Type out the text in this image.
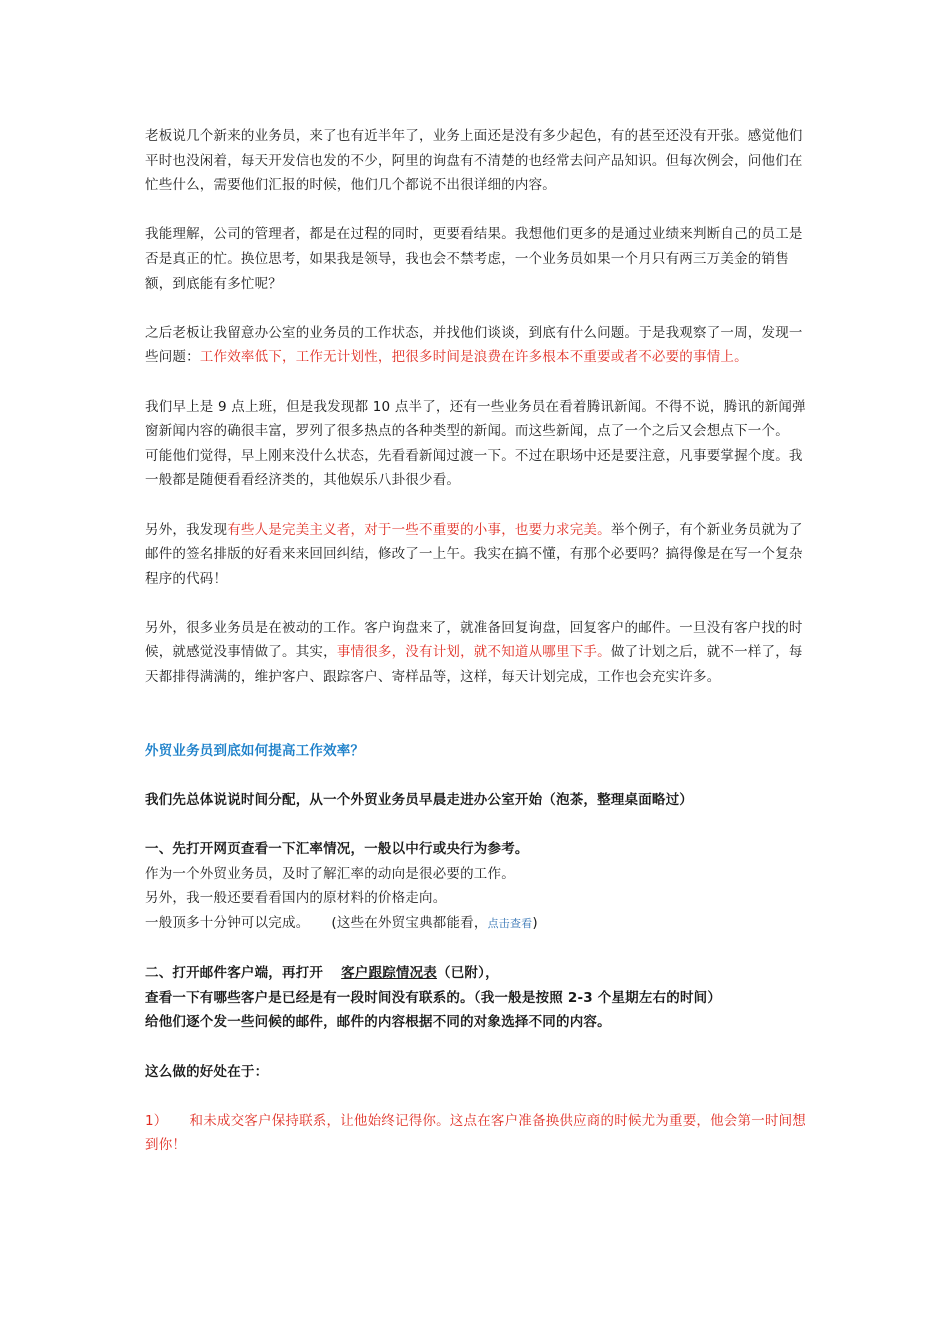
老板说几个新来的业务员，来了也有近半年了，业务上面还是没有多少起色，有的甚至还没有开张。感觉他们平时也没闲着，每天开发信也发的不少，阿里的询盘有不清楚的也经常去问产品知识。但每次例会，问他们在忙些什么，需要他们汇报的时候，他们几个都说不出很详细的内容。

我能理解，公司的管理者，都是在过程的同时，更要看结果。我想他们更多的是通过业绩来判断自己的员工是否是真正的忙。换位思考，如果我是领导，我也会不禁考虑，一个业务员如果一个月只有两三万美金的销售额，到底能有多忙呢？

之后老板让我留意办公室的业务员的工作状态，并找他们谈谈，到底有什么问题。于是我观察了一周，发现一些问题：工作效率低下，工作无计划性，把很多时间是浪费在许多根本不重要或者不必要的事情上。

我们早上是 9 点上班，但是我发现都 10 点半了，还有一些业务员在看着腾讯新闻。不得不说，腾讯的新闻弹窗新闻内容的确很丰富，罗列了很多热点的各种类型的新闻。而这些新闻，点了一个之后又会想点下一个。

可能他们觉得，早上刚来没什么状态，先看看新闻过渡一下。不过在职场中还是要注意，凡事要掌握个度。我一般都是随便看看经济类的，其他娱乐八卦很少看。

另外，我发现有些人是完美主义者，对于一些不重要的小事，也要力求完美。举个例子，有个新业务员就为了邮件的签名排版的好看来来回回纠结，修改了一上午。我实在搞不懂，有那个必要吗？搞得像是在写一个复杂程序的代码！

另外，很多业务员是在被动的工作。客户询盘来了，就准备回复询盘，回复客户的邮件。一旦没有客户找的时候，就感觉没事情做了。其实，事情很多，没有计划，就不知道从哪里下手。做了计划之后，就不一样了，每天都排得满满的，维护客户、跟踪客户、寄样品等，这样，每天计划完成，工作也会充实许多。

外贸业务员到底如何提高工作效率？

我们先总体说说时间分配，从一个外贸业务员早晨走进办公室开始（泡茶，整理桌面略过）

一、先打开网页查看一下汇率情况，一般以中行或央行为参考。

作为一个外贸业务员，及时了解汇率的动向是很必要的工作。

另外，我一般还要看看国内的原材料的价格走向。

一般顶多十分钟可以完成。 (这些在外贸宝典都能看，点击查看)

二、打开邮件客户端，再打开 客户跟踪情况表（已附），

查看一下有哪些客户是已经是有一段时间没有联系的。（我一般是按照 2-3 个星期左右的时间）

给他们逐个发一些问候的邮件，邮件的内容根据不同的对象选择不同的内容。

这么做的好处在于：

1） 和未成交客户保持联系，让他始终记得你。这点在客户准备换供应商的时候尤为重要，他会第一时间想到你！
